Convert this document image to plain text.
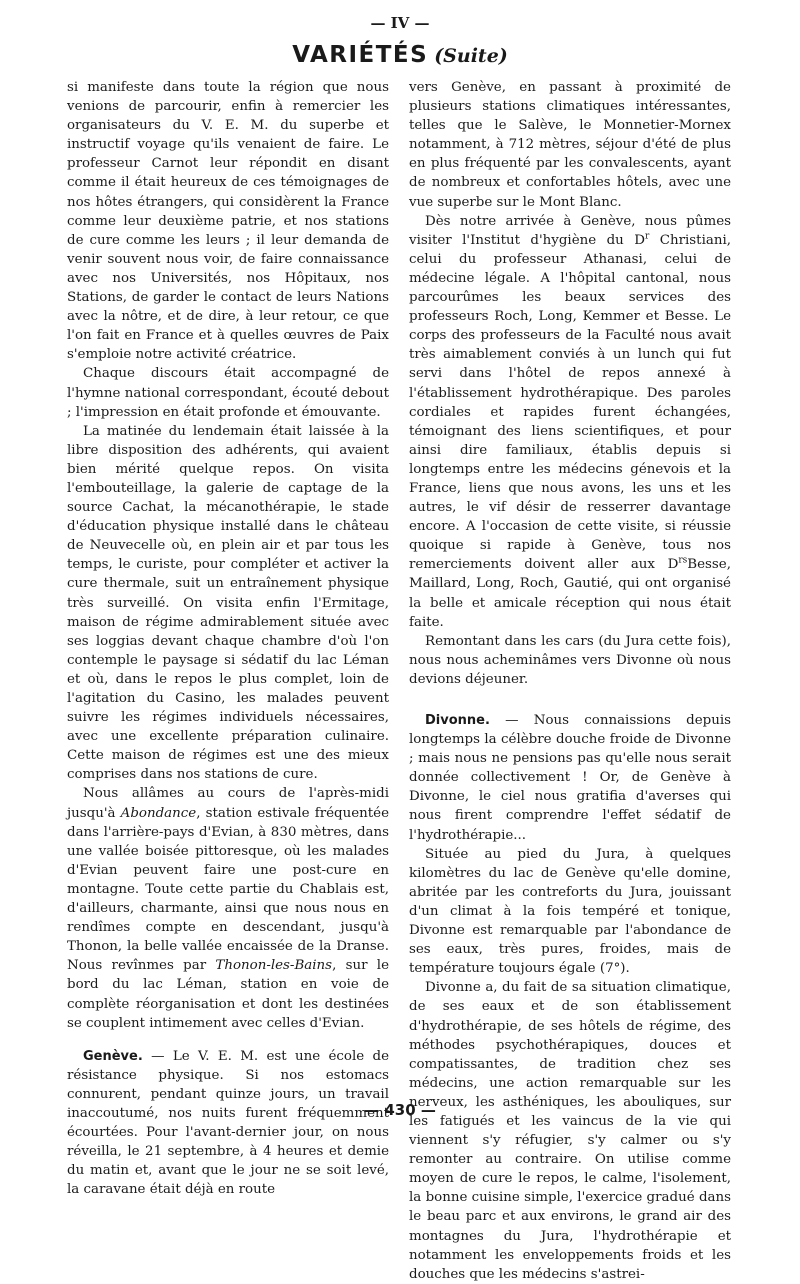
— IV —
VARIÉTÉS (Suite)

si manifeste dans toute la région que nous venions de parcourir, enfin à remercier les organisateurs du V. E. M. du superbe et instructif voyage qu'ils venaient de faire. Le professeur Carnot leur répondit en disant comme il était heureux de ces témoignages de nos hôtes étrangers, qui considèrent la France comme leur deuxième patrie, et nos stations de cure comme les leurs ; il leur demanda de venir souvent nous voir, de faire connaissance avec nos Universités, nos Hôpitaux, nos Stations, de garder le contact de leurs Nations avec la nôtre, et de dire, à leur retour, ce que l'on fait en France et à quelles œuvres de Paix s'emploie notre activité créatrice.

Chaque discours était accompagné de l'hymne national correspondant, écouté debout ; l'impression en était profonde et émouvante.

La matinée du lendemain était laissée à la libre disposition des adhérents, qui avaient bien mérité quelque repos. On visita l'embouteillage, la galerie de captage de la source Cachat, la mécanothérapie, le stade d'éducation physique installé dans le château de Neuvecelle où, en plein air et par tous les temps, le curiste, pour compléter et activer la cure thermale, suit un entraînement physique très surveillé. On visita enfin l'Ermitage, maison de régime admirablement située avec ses loggias devant chaque chambre d'où l'on contemple le paysage si sédatif du lac Léman et où, dans le repos le plus complet, loin de l'agitation du Casino, les malades peuvent suivre les régimes individuels nécessaires, avec une excellente préparation culinaire. Cette maison de régimes est une des mieux comprises dans nos stations de cure.

Nous allâmes au cours de l'après-midi jusqu'à Abondance, station estivale fréquentée dans l'arrière-pays d'Evian, à 830 mètres, dans une vallée boisée pittoresque, où les malades d'Evian peuvent faire une post-cure en montagne. Toute cette partie du Chablais est, d'ailleurs, charmante, ainsi que nous nous en rendîmes compte en descendant, jusqu'à Thonon, la belle vallée encaissée de la Dranse. Nous revînmes par Thonon-les-Bains, sur le bord du lac Léman, station en voie de complète réorganisation et dont les destinées se couplent intimement avec celles d'Evian.

Genève. — Le V. E. M. est une école de résistance physique. Si nos estomacs connurent, pendant quinze jours, un travail inaccoutumé, nos nuits furent fréquemment écourtées. Pour l'avant-dernier jour, on nous réveilla, le 21 septembre, à 4 heures et demie du matin et, avant que le jour ne se soit levé, la caravane était déjà en route

vers Genève, en passant à proximité de plusieurs stations climatiques intéressantes, telles que le Salève, le Monnetier-Mornex notamment, à 712 mètres, séjour d'été de plus en plus fréquenté par les convalescents, ayant de nombreux et confortables hôtels, avec une vue superbe sur le Mont Blanc.

Dès notre arrivée à Genève, nous pûmes visiter l'Institut d'hygiène du $D^r$ Christiani, celui du professeur Athanasi, celui de médecine légale. A l'hôpital cantonal, nous parcourûmes les beaux services des professeurs Roch, Long, Kemmer et Besse. Le corps des professeurs de la Faculté nous avait très aimablement conviés à un lunch qui fut servi dans l'hôtel de repos annexé à l'établissement hydrothérapique. Des paroles cordiales et rapides furent échangées, témoignant des liens scientifiques, et pour ainsi dire familiaux, établis depuis si longtemps entre les médecins génevois et la France, liens que nous avons, les uns et les autres, le vif désir de resserrer davantage encore. A l'occasion de cette visite, si réussie quoique si rapide à Genève, tous nos remerciements doivent aller aux $D^{rs}Besse$, Maillard, Long, Roch, Gautié, qui ont organisé la belle et amicale réception qui nous était faite.

Remontant dans les cars (du Jura cette fois), nous nous acheminâmes vers Divonne où nous devions déjeuner.

Divonne. — Nous connaissions depuis longtemps la célèbre douche froide de Divonne ; mais nous ne pensions pas qu'elle nous serait donnée collectivement ! Or, de Genève à Divonne, le ciel nous gratifia d'averses qui nous firent comprendre l'effet sédatif de l'hydrothérapie...

Située au pied du Jura, à quelques kilomètres du lac de Genève qu'elle domine, abritée par les contreforts du Jura, jouissant d'un climat à la fois tempéré et tonique, Divonne est remarquable par l'abondance de ses eaux, très pures, froides, mais de température toujours égale (7°).

Divonne a, du fait de sa situation climatique, de ses eaux et de son établissement d'hydrothérapie, de ses hôtels de régime, des méthodes psychothérapiques, douces et compatissantes, de tradition chez ses médecins, une action remarquable sur les nerveux, les asthéniques, les abouliques, sur les fatigués et les vaincus de la vie qui viennent s'y réfugier, s'y calmer ou s'y remonter au contraire. On utilise comme moyen de cure le repos, le calme, l'isolement, la bonne cuisine simple, l'exercice gradué dans le beau parc et aux environs, le grand air des montagnes du Jura, l'hydrothérapie et notamment les enveloppements froids et les douches que les médecins s'astrei-

— 430 —
